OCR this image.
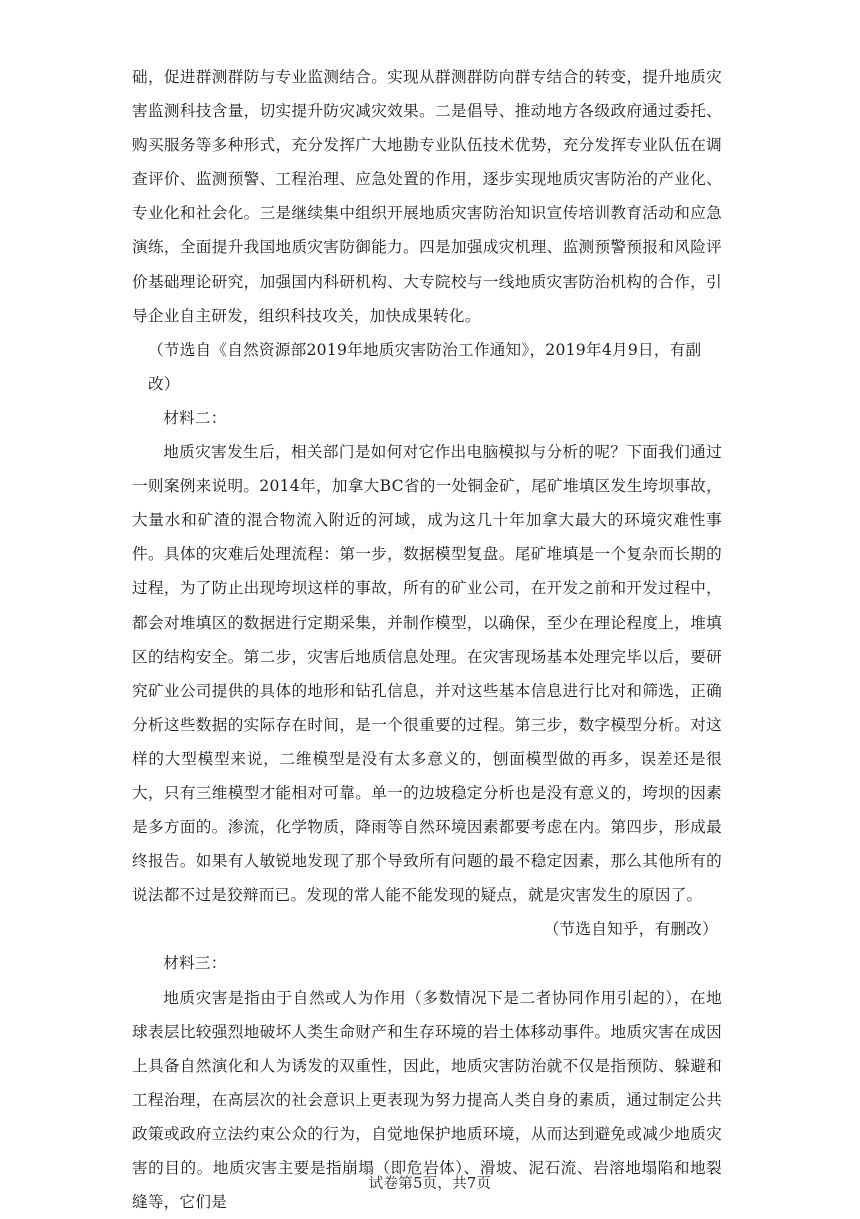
础，促进群测群防与专业监测结合。实现从群测群防向群专结合的转变，提升地质灾害监测科技含量，切实提升防灾减灾效果。二是倡导、推动地方各级政府通过委托、购买服务等多种形式，充分发挥广大地勘专业队伍技术优势，充分发挥专业队伍在调查评价、监测预警、工程治理、应急处置的作用，逐步实现地质灾害防治的产业化、专业化和社会化。三是继续集中组织开展地质灾害防治知识宣传培训教育活动和应急演练，全面提升我国地质灾害防御能力。四是加强成灾机理、监测预警预报和风险评价基础理论研究，加强国内科研机构、大专院校与一线地质灾害防治机构的合作，引导企业自主研发，组织科技攻关，加快成果转化。

（节选自《自然资源部2019年地质灾害防治工作通知》，2019年4月9日，有副改）

材料二：

地质灾害发生后，相关部门是如何对它作出电脑模拟与分析的呢？下面我们通过一则案例来说明。2014年，加拿大BC省的一处铜金矿，尾矿堆填区发生垮坝事故，大量水和矿渣的混合物流入附近的河域，成为这几十年加拿大最大的环境灾难性事件。具体的灾难后处理流程：第一步，数据模型复盘。尾矿堆填是一个复杂而长期的过程，为了防止出现垮坝这样的事故，所有的矿业公司，在开发之前和开发过程中，都会对堆填区的数据进行定期采集，并制作模型，以确保，至少在理论程度上，堆填区的结构安全。第二步，灾害后地质信息处理。在灾害现场基本处理完毕以后，要研究矿业公司提供的具体的地形和钻孔信息，并对这些基本信息进行比对和筛选，正确分析这些数据的实际存在时间，是一个很重要的过程。第三步，数字模型分析。对这样的大型模型来说，二维模型是没有太多意义的，刨面模型做的再多，误差还是很大，只有三维模型才能相对可靠。单一的边坡稳定分析也是没有意义的，垮坝的因素是多方面的。渗流，化学物质，降雨等自然环境因素都要考虑在内。第四步，形成最终报告。如果有人敏锐地发现了那个导致所有问题的最不稳定因素，那么其他所有的说法都不过是狡辩而已。发现的常人能不能发现的疑点，就是灾害发生的原因了。

（节选自知乎，有删改）

材料三：

地质灾害是指由于自然或人为作用（多数情况下是二者协同作用引起的），在地球表层比较强烈地破坏人类生命财产和生存环境的岩土体移动事件。地质灾害在成因上具备自然演化和人为诱发的双重性，因此，地质灾害防治就不仅是指预防、躲避和工程治理，在高层次的社会意识上更表现为努力提高人类自身的素质，通过制定公共政策或政府立法约束公众的行为，自觉地保护地质环境，从而达到避免或减少地质灾害的目的。地质灾害主要是指崩塌（即危岩体）、滑坡、泥石流、岩溶地塌陷和地裂缝等，它们是

试卷第5页，共7页
